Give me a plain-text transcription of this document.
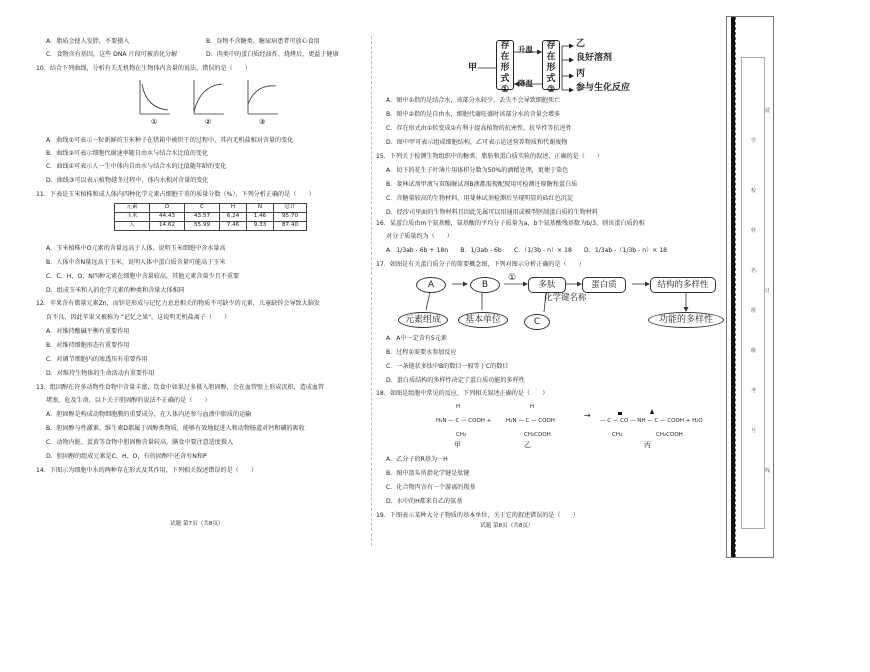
A．脂质会使人发胖，不要摄入	B．谷物不含糖类，糖尿病患者可放心食用
C．食物含有基因，这些 DNA 片段可被消化分解	D．肉类中的蛋白质经油炸、烧烤后，更益于健康
10．结合下列曲线，分析有关无机物在生物体内含量的说法，错误的是（　　）
①	②	③
A．曲线①可表示一粒新鲜的玉米种子在烘箱中被烘干的过程中，其内无机盐相对含量的变化
B．曲线②可表示细胞代谢速率随自由水与结合水比值的变化
C．曲线①可表示人一生中体内自由水与结合水的比值随年龄的变化
D．曲线③可以表示植物越冬过程中，体内水相对含量的变化
11．下表是玉米植株和成人体内四种化学元素占细胞干重的质量分数（%），下列分析正确的是（　　）
元素	O	C	H	N	总计
玉米	44.43	43.57	6.24	1.46	95.70
人	14.62	55.99	7.46	9.33	87.40
A．玉米植株中O元素的含量远高于人体，说明玉米细胞中含水量高
B．人体中含N量远高于玉米，说明人体中蛋白质含量可能高于玉米
C．C、H、O、N四种元素在细胞中含量较高，其他元素含量少且不重要
D．组成玉米和人的化学元素的种类和含量大体相同
12．苹果含有微量元素Zn，而锌是形成与记忆力息息相关的物质不可缺少的元素，儿童缺锌会导致大脑发
育不良，因此苹果又被称为 "记忆之果"。这说明无机盐离子（　　）
A．对维持酸碱平衡有重要作用
B．对维持细胞形态有重要作用
C．对调节细胞内的渗透压有重要作用
D．对维持生物体的生命活动有重要作用
13．组因醇在许多动物性食物中含量丰富，饮食中如果过多摄入胆固醇，会在血管壁上形成沉积，造成血管
堵塞，危及生命，以下关于胆固醇的说法不正确的是（　　）
A．胆固醇是构成动物细胞膜的重要成分，在人体内还参与血液中脂质的运输
B．胆固醇与性激素、维生素D都属于固醇类物质，能够有效地促进人和动物肠道对钙和磷的吸收
C．动物内脏、蛋黄等食物中胆固醇含量较高，膳食中要注意适度摄入
D．胆固醇的组成元素是C、H、O，有的固醇中还含有N和P
14．下图示为细胞中水的两种存在形式及其作用，下列相关叙述错误的是（　　）
试题 第7页（共8页）
甲
存
在
形
式
①
存
在
形
式
②
升温
降温
乙
良好溶剂
丙
参与生化反应
A．图中①指的是结合水，该部分水较少，丢失不会导致细胞死亡
B．图中②指的是自由水，细胞代谢旺盛时该部分水的含量会增多
C．存在形式由①转变成②有利于提高植物的抗寒性、抗旱性等抗逆性
D．图中甲可表示组成细胞结构，乙可表示运送营养物质和代谢废物
15．下列关于检测生物组织中的糖类、脂肪和蛋白质实验的叙述，正确的是（　　）
A．切下的花生子叶薄片用体积分数为50%的酒精处理，更便于染色
B．斐林试剂甲液与双缩脲试剂B液都需现配现用可检测还原糖和蛋白质
C．含糖量较高的生物材料，用斐林试剂检测后呈现明显的砖红色沉淀
D．经沙司里面的生物材料且因此先属可以用通用或模型胚制蛋白质的生物材料
16．某蛋白质由m个氨基酸，氨基酸的平均分子质量为a，b个氨基酸残基数为b/3，则该蛋白质的相
对分子质量约为（　　）
A．1/3ab - 6b + 18n　　B．1/3ab - 6b　　C．（1/3b - n）× 18　　D．1/3ab -（1/3b - n）× 18
17．如图是有关蛋白质分子的简要概念图，下列对图示分析正确的是（　　）
A	B
①
多肽	蛋白质	结构的多样性
化学键名称
元素组成	基本单位	C	功能的多样性
A．A中一定含有S元素
B．过程①需要水参加反应
C．一条链状多肽中B的数目一般等于C的数目
D．蛋白质结构的多样性决定了蛋白质功能的多样性
18．如图是组胞中常见的反应，下列相关叙述正确的是（　　）
H
H₂N — C — COOH +
CH₃
H
H₂N — C — COOH
CH₂COOH
→
— C — CO — NH — C — COOH + H₂O
CH₃	CH₂COOH
甲	乙	丙
A．乙分子的R基为－H
B．图中箭头所指化学键是肽键
C．化合物丙含有一个游离的羧基
D．水中的H都来自乙的氨基
19．下图表示某种大分子物质的基本单位，关于它的叙述错误的是（　　）
试题 第8页（共8页）
学
校
姓
名
班
级
考
号
装
订
线
